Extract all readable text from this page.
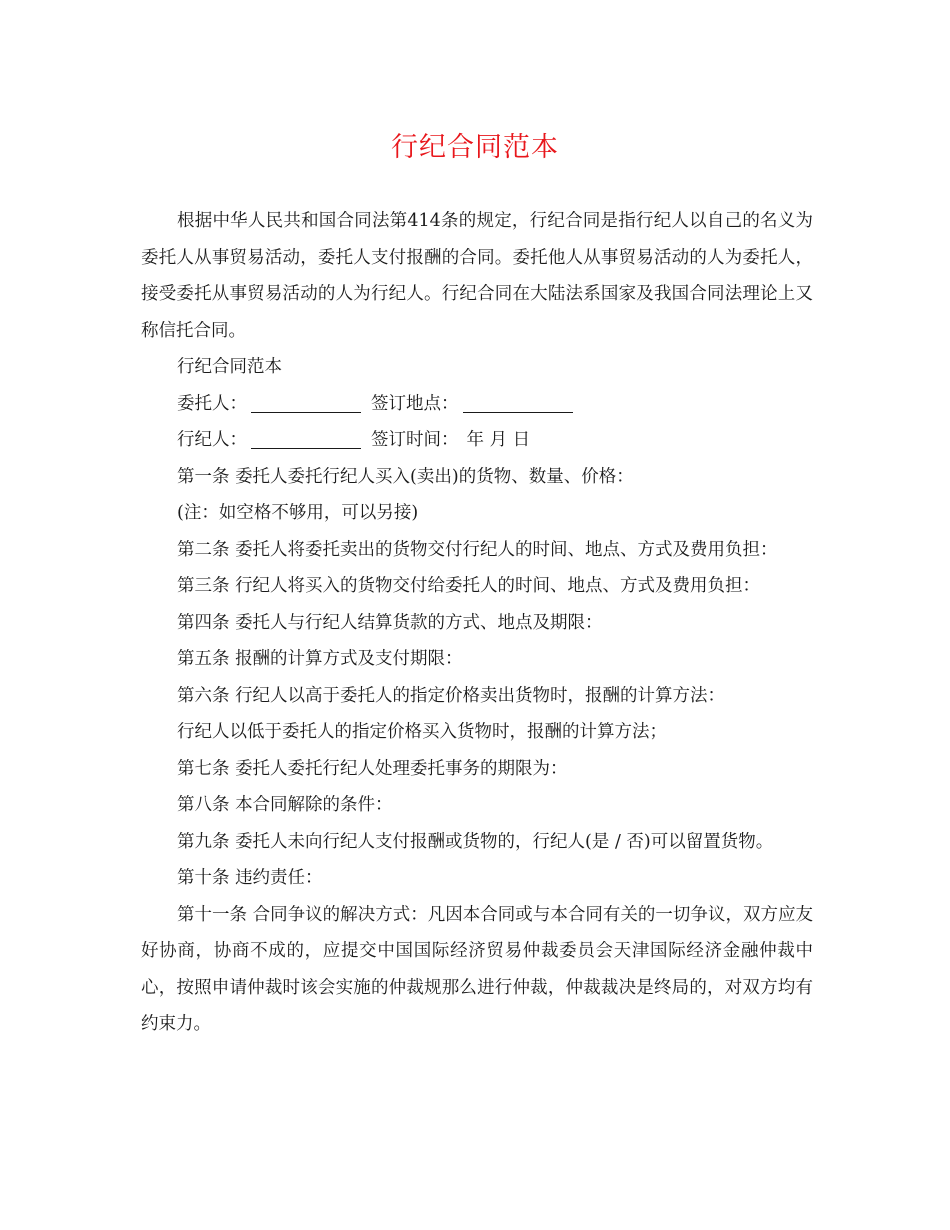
行纪合同范本

根据中华人民共和国合同法第414条的规定，行纪合同是指行纪人以自己的名义为委托人从事贸易活动，委托人支付报酬的合同。委托他人从事贸易活动的人为委托人，接受委托从事贸易活动的人为行纪人。行纪合同在大陆法系国家及我国合同法理论上又称信托合同。

行纪合同范本

委托人：	签订地点：

行纪人：	签订时间： 年 月 日

第一条 委托人委托行纪人买入(卖出)的货物、数量、价格：

(注：如空格不够用，可以另接)

第二条 委托人将委托卖出的货物交付行纪人的时间、地点、方式及费用负担：

第三条 行纪人将买入的货物交付给委托人的时间、地点、方式及费用负担：

第四条 委托人与行纪人结算货款的方式、地点及期限：

第五条 报酬的计算方式及支付期限：

第六条 行纪人以高于委托人的指定价格卖出货物时，报酬的计算方法：

行纪人以低于委托人的指定价格买入货物时，报酬的计算方法；

第七条 委托人委托行纪人处理委托事务的期限为：

第八条 本合同解除的条件：

第九条 委托人未向行纪人支付报酬或货物的，行纪人(是 / 否)可以留置货物。

第十条 违约责任：

第十一条 合同争议的解决方式：凡因本合同或与本合同有关的一切争议，双方应友好协商，协商不成的，应提交中国国际经济贸易仲裁委员会天津国际经济金融仲裁中心，按照申请仲裁时该会实施的仲裁规那么进行仲裁，仲裁裁决是终局的，对双方均有约束力。
